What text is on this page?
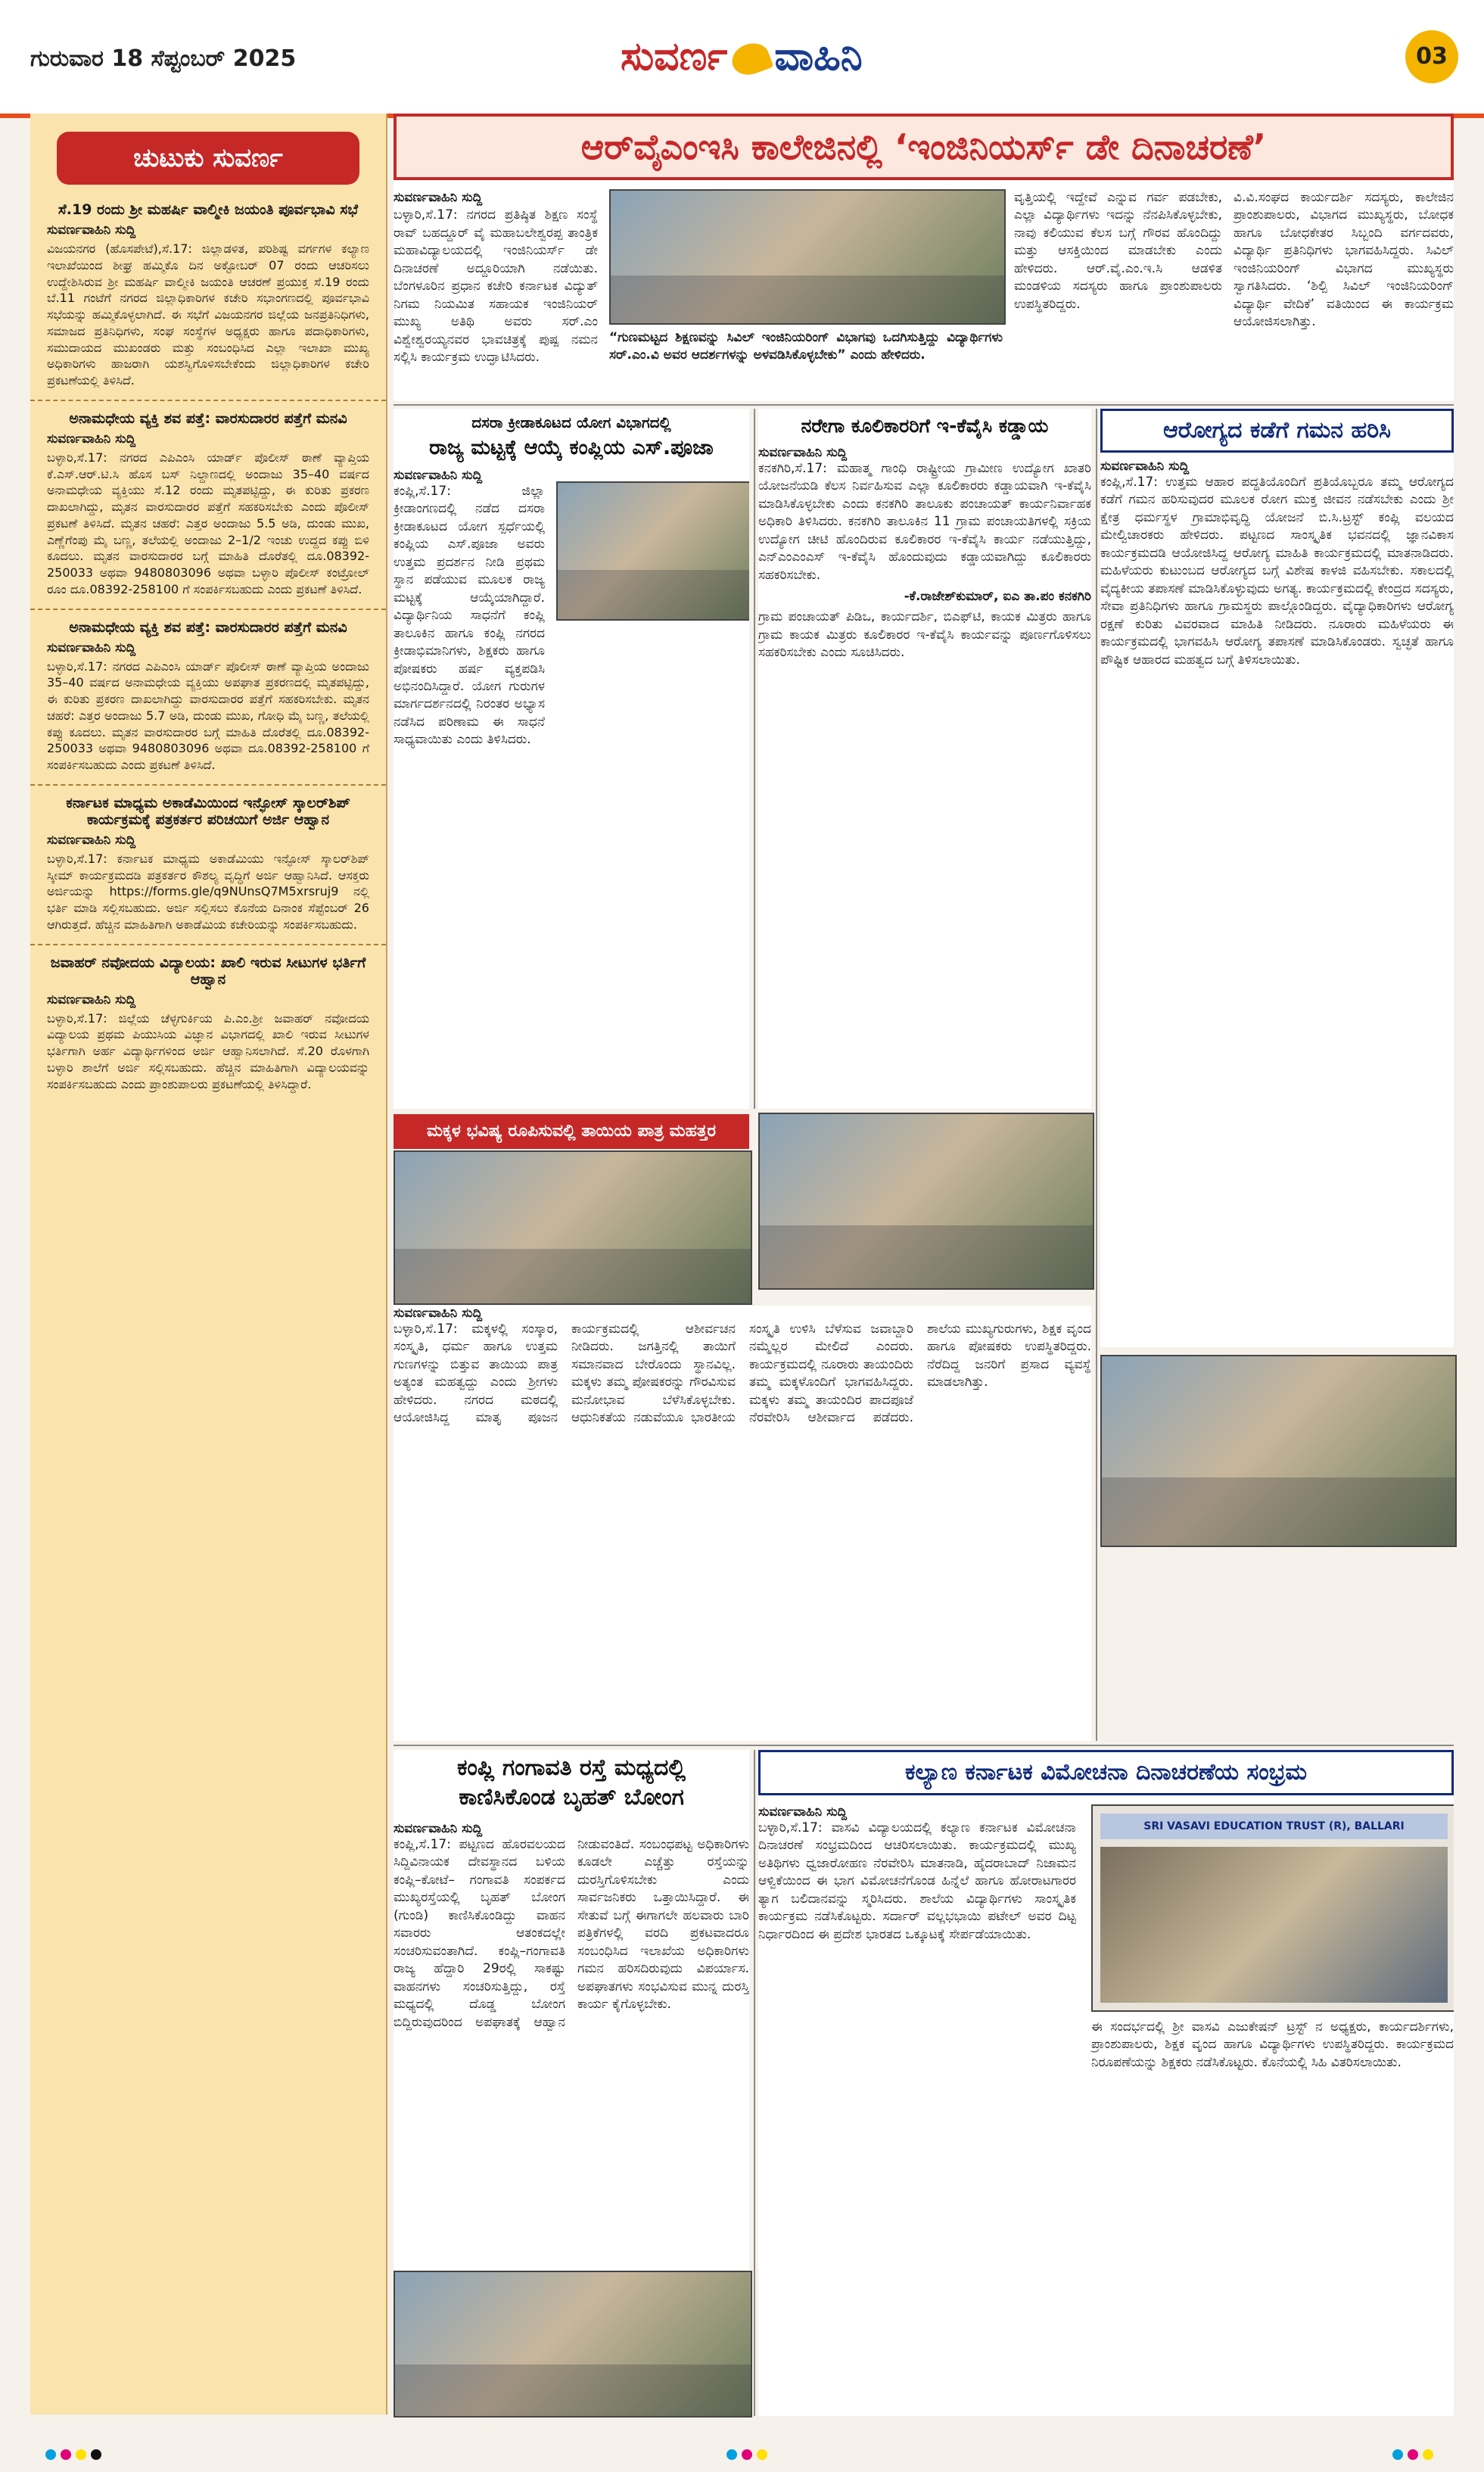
ಗುರುವಾರ 18 ಸೆಪ್ಟಂಬರ್ 2025	ಸುವರ್ಣ ವಾಹಿನಿ	03
ಚುಟುಕು ಸುವರ್ಣ
ಸೆ.19 ರಂದು ಶ್ರೀ ಮಹರ್ಷಿ ವಾಲ್ಮೀಕಿ ಜಯಂತಿ ಪೂರ್ವಭಾವಿ ಸಭೆ
ಸುವರ್ಣವಾಹಿನಿ ಸುದ್ದಿ
ವಿಜಯನಗರ (ಹೊಸಪೇಟೆ),ಸೆ.17: ಜಿಲ್ಲಾಡಳಿತ, ಪರಿಶಿಷ್ಟ ವರ್ಗಗಳ ಕಲ್ಯಾಣ ಇಲಾಖೆಯಿಂದ ಶೀಘ್ರ ಹಮ್ಮಿಕೊ ದಿನ ಅಕ್ಟೋಬರ್ 07 ರಂದು ಆಚರಿಸಲು ಉದ್ದೇಶಿಸಿರುವ ಶ್ರೀ ಮಹರ್ಷಿ ವಾಲ್ಮೀಕಿ ಜಯಂತಿ ಆಚರಣೆ ಪ್ರಯುಕ್ತ ಸೆ.19 ರಂದು ಬೆ.11 ಗಂಟೆಗೆ ನಗರದ ಜಿಲ್ಲಾಧಿಕಾರಿಗಳ ಕಚೇರಿ ಸಭಾಂಗಣದಲ್ಲಿ ಪೂರ್ವಭಾವಿ ಸಭೆಯನ್ನು ಹಮ್ಮಿಕೊಳ್ಳಲಾಗಿದೆ. ಈ ಸಭೆಗೆ ವಿಜಯನಗರ ಜಿಲ್ಲೆಯ ಜನಪ್ರತಿನಿಧಿಗಳು, ಸಮಾಜದ ಪ್ರತಿನಿಧಿಗಳು, ಸಂಘ ಸಂಸ್ಥೆಗಳ ಅಧ್ಯಕ್ಷರು ಹಾಗೂ ಪದಾಧಿಕಾರಿಗಳು, ಸಮುದಾಯದ ಮುಖಂಡರು ಮತ್ತು ಸಂಬಂಧಿಸಿದ ಎಲ್ಲಾ ಇಲಾಖಾ ಮುಖ್ಯ ಅಧಿಕಾರಿಗಳು ಹಾಜರಾಗಿ ಯಶಸ್ವಿಗೊಳಿಸಬೇಕೆಂದು ಜಿಲ್ಲಾಧಿಕಾರಿಗಳ ಕಚೇರಿ ಪ್ರಕಟಣೆಯಲ್ಲಿ ತಿಳಿಸಿದೆ.
ಅನಾಮಧೇಯ ವ್ಯಕ್ತಿ ಶವ ಪತ್ತೆ: ವಾರಸುದಾರರ ಪತ್ತೆಗೆ ಮನವಿ
ಸುವರ್ಣವಾಹಿನಿ ಸುದ್ದಿ
ಬಳ್ಳಾರಿ,ಸೆ.17: ನಗರದ ಎಪಿಎಂಸಿ ಯಾರ್ಡ್ ಪೊಲೀಸ್ ಠಾಣೆ ವ್ಯಾಪ್ತಿಯ ಕೆ.ಎಸ್.ಆರ್.ಟಿ.ಸಿ ಹೊಸ ಬಸ್ ನಿಲ್ದಾಣದಲ್ಲಿ ಅಂದಾಜು 35–40 ವರ್ಷದ ಅನಾಮಧೇಯ ವ್ಯಕ್ತಿಯು ಸೆ.12 ರಂದು ಮೃತಪಟ್ಟಿದ್ದು, ಈ ಕುರಿತು ಪ್ರಕರಣ ದಾಖಲಾಗಿದ್ದು, ಮೃತನ ವಾರಸುದಾರರ ಪತ್ತೆಗೆ ಸಹಕರಿಸಬೇಕು ಎಂದು ಪೊಲೀಸ್ ಪ್ರಕಟಣೆ ತಿಳಿಸಿದೆ. ಮೃತನ ಚಹರೆ: ಎತ್ತರ ಅಂದಾಜು 5.5 ಅಡಿ, ದುಂಡು ಮುಖ, ಎಣ್ಣೆಗೆಂಪು ಮೈ ಬಣ್ಣ, ತಲೆಯಲ್ಲಿ ಅಂದಾಜು 2–1/2 ಇಂಚು ಉದ್ದದ ಕಪ್ಪು ಬಿಳಿ ಕೂದಲು. ಮೃತನ ವಾರಸುದಾರರ ಬಗ್ಗೆ ಮಾಹಿತಿ ದೊರೆತಲ್ಲಿ ದೂ.08392-250033 ಅಥವಾ 9480803096 ಅಥವಾ ಬಳ್ಳಾರಿ ಪೊಲೀಸ್ ಕಂಟ್ರೋಲ್ ರೂಂ ದೂ.08392-258100 ಗೆ ಸಂಪರ್ಕಿಸಬಹುದು ಎಂದು ಪ್ರಕಟಣೆ ತಿಳಿಸಿದೆ.
ಅನಾಮಧೇಯ ವ್ಯಕ್ತಿ ಶವ ಪತ್ತೆ: ವಾರಸುದಾರರ ಪತ್ತೆಗೆ ಮನವಿ
ಸುವರ್ಣವಾಹಿನಿ ಸುದ್ದಿ
ಬಳ್ಳಾರಿ,ಸೆ.17: ನಗರದ ಎಪಿಎಂಸಿ ಯಾರ್ಡ್ ಪೊಲೀಸ್ ಠಾಣೆ ವ್ಯಾಪ್ತಿಯ ಅಂದಾಜು 35–40 ವರ್ಷದ ಅನಾಮಧೇಯ ವ್ಯಕ್ತಿಯು ಅಪಘಾತ ಪ್ರಕರಣದಲ್ಲಿ ಮೃತಪಟ್ಟಿದ್ದು, ಈ ಕುರಿತು ಪ್ರಕರಣ ದಾಖಲಾಗಿದ್ದು ವಾರಸುದಾರರ ಪತ್ತೆಗೆ ಸಹಕರಿಸಬೇಕು. ಮೃತನ ಚಹರೆ: ಎತ್ತರ ಅಂದಾಜು 5.7 ಅಡಿ, ದುಂಡು ಮುಖ, ಗೋಧಿ ಮೈ ಬಣ್ಣ, ತಲೆಯಲ್ಲಿ ಕಪ್ಪು ಕೂದಲು. ಮೃತನ ವಾರಸುದಾರರ ಬಗ್ಗೆ ಮಾಹಿತಿ ದೊರೆತಲ್ಲಿ ದೂ.08392-250033 ಅಥವಾ 9480803096 ಅಥವಾ ದೂ.08392-258100 ಗೆ ಸಂಪರ್ಕಿಸಬಹುದು ಎಂದು ಪ್ರಕಟಣೆ ತಿಳಿಸಿದೆ.
ಕರ್ನಾಟಕ ಮಾಧ್ಯಮ ಅಕಾಡೆಮಿಯಿಂದ ಇನ್ಫೋಸ್ ಸ್ಕಾಲರ್‌ಶಿಪ್ ಕಾರ್ಯಕ್ರಮಕ್ಕೆ ಪತ್ರಕರ್ತರ ಪರಿಚಯಿಗೆ ಅರ್ಜಿ ಆಹ್ವಾನ
ಸುವರ್ಣವಾಹಿನಿ ಸುದ್ದಿ
ಬಳ್ಳಾರಿ,ಸೆ.17: ಕರ್ನಾಟಕ ಮಾಧ್ಯಮ ಅಕಾಡೆಮಿಯು ಇನ್ಫೋಸ್ ಸ್ಕಾಲರ್‌ಶಿಪ್ ಸ್ಕೀಮ್ ಕಾರ್ಯಕ್ರಮದಡಿ ಪತ್ರಕರ್ತರ ಕೌಶಲ್ಯ ವೃದ್ಧಿಗೆ ಅರ್ಜಿ ಆಹ್ವಾನಿಸಿದೆ. ಆಸಕ್ತರು ಅರ್ಜಿಯನ್ನು https://forms.gle/q9NUnsQ7M5xrsruj9 ನಲ್ಲಿ ಭರ್ತಿ ಮಾಡಿ ಸಲ್ಲಿಸಬಹುದು. ಅರ್ಜಿ ಸಲ್ಲಿಸಲು ಕೊನೆಯ ದಿನಾಂಕ ಸೆಪ್ಟೆಂಬರ್ 26 ಆಗಿರುತ್ತದೆ. ಹೆಚ್ಚಿನ ಮಾಹಿತಿಗಾಗಿ ಅಕಾಡೆಮಿಯ ಕಚೇರಿಯನ್ನು ಸಂಪರ್ಕಿಸಬಹುದು.
ಜವಾಹರ್ ನವೋದಯ ವಿದ್ಯಾಲಯ: ಖಾಲಿ ಇರುವ ಸೀಟುಗಳ ಭರ್ತಿಗೆ ಆಹ್ವಾನ
ಸುವರ್ಣವಾಹಿನಿ ಸುದ್ದಿ
ಬಳ್ಳಾರಿ,ಸೆ.17: ಜಿಲ್ಲೆಯ ಚೆಳ್ಳಗುರ್ಕಿಯ ಪಿ.ಎಂ.ಶ್ರೀ ಜವಾಹರ್ ನವೋದಯ ವಿದ್ಯಾಲಯ ಪ್ರಥಮ ಪಿಯುಸಿಯ ವಿಜ್ಞಾನ ವಿಭಾಗದಲ್ಲಿ ಖಾಲಿ ಇರುವ ಸೀಟುಗಳ ಭರ್ತಿಗಾಗಿ ಅರ್ಹ ವಿದ್ಯಾರ್ಥಿಗಳಿಂದ ಅರ್ಜಿ ಆಹ್ವಾನಿಸಲಾಗಿದೆ. ಸೆ.20 ರೊಳಗಾಗಿ ಬಳ್ಳಾರಿ ಶಾಲೆಗೆ ಅರ್ಜಿ ಸಲ್ಲಿಸಬಹುದು. ಹೆಚ್ಚಿನ ಮಾಹಿತಿಗಾಗಿ ವಿದ್ಯಾಲಯವನ್ನು ಸಂಪರ್ಕಿಸಬಹುದು ಎಂದು ಪ್ರಾಂಶುಪಾಲರು ಪ್ರಕಟಣೆಯಲ್ಲಿ ತಿಳಿಸಿದ್ದಾರೆ.
ಆರ್‌ವೈಎಂಇಸಿ ಕಾಲೇಜಿನಲ್ಲಿ ‘ಇಂಜಿನಿಯರ್ಸ್ ಡೇ ದಿನಾಚರಣೆ’
ಸುವರ್ಣವಾಹಿನಿ ಸುದ್ದಿ
ಬಳ್ಳಾರಿ,ಸೆ.17: ನಗರದ ಪ್ರತಿಷ್ಠಿತ ಶಿಕ್ಷಣ ಸಂಸ್ಥೆ ರಾವ್ ಬಹದ್ದೂರ್ ವೈ ಮಹಾಬಲೇಶ್ವರಪ್ಪ ತಾಂತ್ರಿಕ ಮಹಾವಿದ್ಯಾಲಯದಲ್ಲಿ ಇಂಜಿನಿಯರ್ಸ್ ಡೇ ದಿನಾಚರಣೆ ಅದ್ದೂರಿಯಾಗಿ ನಡೆಯಿತು. ಬೆಂಗಳೂರಿನ ಪ್ರಧಾನ ಕಚೇರಿ ಕರ್ನಾಟಕ ವಿದ್ಯುತ್ ನಿಗಮ ನಿಯಮಿತ ಸಹಾಯಕ ಇಂಜಿನಿಯರ್ ಮುಖ್ಯ ಅತಿಥಿ ಅವರು ಸರ್.ಎಂ ವಿಶ್ವೇಶ್ವರಯ್ಯನವರ ಭಾವಚಿತ್ರಕ್ಕೆ ಪುಷ್ಪ ನಮನ ಸಲ್ಲಿಸಿ ಕಾರ್ಯಕ್ರಮ ಉದ್ಘಾಟಿಸಿದರು.
“ಗುಣಮಟ್ಟದ ಶಿಕ್ಷಣವನ್ನು ಸಿವಿಲ್ ಇಂಜಿನಿಯರಿಂಗ್ ವಿಭಾಗವು ಒದಗಿಸುತ್ತಿದ್ದು ವಿದ್ಯಾರ್ಥಿಗಳು ಸರ್.ಎಂ.ವಿ ಅವರ ಆದರ್ಶಗಳನ್ನು ಅಳವಡಿಸಿಕೊಳ್ಳಬೇಕು” ಎಂದು ಹೇಳಿದರು.
ವೃತ್ತಿಯಲ್ಲಿ ಇದ್ದೇವೆ ಎನ್ನುವ ಗರ್ವ ಪಡಬೇಕು, ಎಲ್ಲಾ ವಿದ್ಯಾರ್ಥಿಗಳು ಇದನ್ನು ನೆನಪಿಸಿಕೊಳ್ಳಬೇಕು, ನಾವು ಕಲಿಯುವ ಕೆಲಸ ಬಗ್ಗೆ ಗೌರವ ಹೊಂದಿದ್ದು ಮತ್ತು ಆಸಕ್ತಿಯಿಂದ ಮಾಡಬೇಕು ಎಂದು ಹೇಳಿದರು. ಆರ್.ವೈ.ಎಂ.ಇ.ಸಿ ಆಡಳಿತ ಮಂಡಳಿಯ ಸದಸ್ಯರು ಹಾಗೂ ಪ್ರಾಂಶುಪಾಲರು ಉಪಸ್ಥಿತರಿದ್ದರು.
ವಿ.ವಿ.ಸಂಘದ ಕಾರ್ಯದರ್ಶಿ ಸದಸ್ಯರು, ಕಾಲೇಜಿನ ಪ್ರಾಂಶುಪಾಲರು, ವಿಭಾಗದ ಮುಖ್ಯಸ್ಥರು, ಬೋಧಕ ಹಾಗೂ ಬೋಧಕೇತರ ಸಿಬ್ಬಂದಿ ವರ್ಗದವರು, ವಿದ್ಯಾರ್ಥಿ ಪ್ರತಿನಿಧಿಗಳು ಭಾಗವಹಿಸಿದ್ದರು. ಸಿವಿಲ್ ಇಂಜಿನಿಯರಿಂಗ್ ವಿಭಾಗದ ಮುಖ್ಯಸ್ಥರು ಸ್ವಾಗತಿಸಿದರು. ‘ಶಿಲ್ಪಿ ಸಿವಿಲ್ ಇಂಜಿನಿಯರಿಂಗ್ ವಿದ್ಯಾರ್ಥಿ ವೇದಿಕೆ’ ವತಿಯಿಂದ ಈ ಕಾರ್ಯಕ್ರಮ ಆಯೋಜಿಸಲಾಗಿತ್ತು.
ದಸರಾ ಕ್ರೀಡಾಕೂಟದ ಯೋಗ ವಿಭಾಗದಲ್ಲಿ
ರಾಜ್ಯ ಮಟ್ಟಕ್ಕೆ ಆಯ್ಕೆ ಕಂಪ್ಲಿಯ ಎಸ್.ಪೂಜಾ
ಸುವರ್ಣವಾಹಿನಿ ಸುದ್ದಿ
ಕಂಪ್ಲಿ,ಸೆ.17: ಜಿಲ್ಲಾ ಕ್ರೀಡಾಂಗಣದಲ್ಲಿ ನಡೆದ ದಸರಾ ಕ್ರೀಡಾಕೂಟದ ಯೋಗ ಸ್ಪರ್ಧೆಯಲ್ಲಿ ಕಂಪ್ಲಿಯ ಎಸ್.ಪೂಜಾ ಅವರು ಉತ್ತಮ ಪ್ರದರ್ಶನ ನೀಡಿ ಪ್ರಥಮ ಸ್ಥಾನ ಪಡೆಯುವ ಮೂಲಕ ರಾಜ್ಯ ಮಟ್ಟಕ್ಕೆ ಆಯ್ಕೆಯಾಗಿದ್ದಾರೆ. ವಿದ್ಯಾರ್ಥಿನಿಯ ಸಾಧನೆಗೆ ಕಂಪ್ಲಿ ತಾಲೂಕಿನ ಹಾಗೂ ಕಂಪ್ಲಿ ನಗರದ ಕ್ರೀಡಾಭಿಮಾನಿಗಳು, ಶಿಕ್ಷಕರು ಹಾಗೂ ಪೋಷಕರು ಹರ್ಷ ವ್ಯಕ್ತಪಡಿಸಿ ಅಭಿನಂದಿಸಿದ್ದಾರೆ. ಯೋಗ ಗುರುಗಳ ಮಾರ್ಗದರ್ಶನದಲ್ಲಿ ನಿರಂತರ ಅಭ್ಯಾಸ ನಡೆಸಿದ ಪರಿಣಾಮ ಈ ಸಾಧನೆ ಸಾಧ್ಯವಾಯಿತು ಎಂದು ತಿಳಿಸಿದರು.
ನರೇಗಾ ಕೂಲಿಕಾರರಿಗೆ ಇ-ಕೆವೈಸಿ ಕಡ್ಡಾಯ
ಸುವರ್ಣವಾಹಿನಿ ಸುದ್ದಿ
ಕನಕಗಿರಿ,ಸೆ.17: ಮಹಾತ್ಮ ಗಾಂಧಿ ರಾಷ್ಟ್ರೀಯ ಗ್ರಾಮೀಣ ಉದ್ಯೋಗ ಖಾತರಿ ಯೋಜನೆಯಡಿ ಕೆಲಸ ನಿರ್ವಹಿಸುವ ಎಲ್ಲಾ ಕೂಲಿಕಾರರು ಕಡ್ಡಾಯವಾಗಿ ಇ-ಕೆವೈಸಿ ಮಾಡಿಸಿಕೊಳ್ಳಬೇಕು ಎಂದು ಕನಕಗಿರಿ ತಾಲೂಕು ಪಂಚಾಯತ್ ಕಾರ್ಯನಿರ್ವಾಹಕ ಅಧಿಕಾರಿ ತಿಳಿಸಿದರು. ಕನಕಗಿರಿ ತಾಲೂಕಿನ 11 ಗ್ರಾಮ ಪಂಚಾಯತಿಗಳಲ್ಲಿ ಸಕ್ರಿಯ ಉದ್ಯೋಗ ಚೀಟಿ ಹೊಂದಿರುವ ಕೂಲಿಕಾರರ ಇ-ಕೆವೈಸಿ ಕಾರ್ಯ ನಡೆಯುತ್ತಿದ್ದು, ಎನ್‌ಎಂಎಂಎಸ್ ಇ-ಕೆವೈಸಿ ಹೊಂದುವುದು ಕಡ್ಡಾಯವಾಗಿದ್ದು ಕೂಲಿಕಾರರು ಸಹಕರಿಸಬೇಕು.
-ಕೆ.ರಾಜೇಶ್‌ಕುಮಾರ್, ಐಎ ತಾ.ಪಂ ಕನಕಗಿರಿ
ಗ್ರಾಮ ಪಂಚಾಯತ್ ಪಿಡಿಒ, ಕಾರ್ಯದರ್ಶಿ, ಬಿಎಫ್‌ಟಿ, ಕಾಯಕ ಮಿತ್ರರು ಹಾಗೂ ಗ್ರಾಮ ಕಾಯಕ ಮಿತ್ರರು ಕೂಲಿಕಾರರ ಇ-ಕೆವೈಸಿ ಕಾರ್ಯವನ್ನು ಪೂರ್ಣಗೊಳಿಸಲು ಸಹಕರಿಸಬೇಕು ಎಂದು ಸೂಚಿಸಿದರು.
ಆರೋಗ್ಯದ ಕಡೆಗೆ ಗಮನ ಹರಿಸಿ
ಸುವರ್ಣವಾಹಿನಿ ಸುದ್ದಿ
ಕಂಪ್ಲಿ,ಸೆ.17: ಉತ್ತಮ ಆಹಾರ ಪದ್ಧತಿಯೊಂದಿಗೆ ಪ್ರತಿಯೊಬ್ಬರೂ ತಮ್ಮ ಆರೋಗ್ಯದ ಕಡೆಗೆ ಗಮನ ಹರಿಸುವುದರ ಮೂಲಕ ರೋಗ ಮುಕ್ತ ಜೀವನ ನಡೆಸಬೇಕು ಎಂದು ಶ್ರೀ ಕ್ಷೇತ್ರ ಧರ್ಮಸ್ಥಳ ಗ್ರಾಮಾಭಿವೃದ್ಧಿ ಯೋಜನೆ ಬಿ.ಸಿ.ಟ್ರಸ್ಟ್ ಕಂಪ್ಲಿ ವಲಯದ ಮೇಲ್ವಿಚಾರಕರು ಹೇಳಿದರು. ಪಟ್ಟಣದ ಸಾಂಸ್ಕೃತಿಕ ಭವನದಲ್ಲಿ ಜ್ಞಾನವಿಕಾಸ ಕಾರ್ಯಕ್ರಮದಡಿ ಆಯೋಜಿಸಿದ್ದ ಆರೋಗ್ಯ ಮಾಹಿತಿ ಕಾರ್ಯಕ್ರಮದಲ್ಲಿ ಮಾತನಾಡಿದರು. ಮಹಿಳೆಯರು ಕುಟುಂಬದ ಆರೋಗ್ಯದ ಬಗ್ಗೆ ವಿಶೇಷ ಕಾಳಜಿ ವಹಿಸಬೇಕು. ಸಕಾಲದಲ್ಲಿ ವೈದ್ಯಕೀಯ ತಪಾಸಣೆ ಮಾಡಿಸಿಕೊಳ್ಳುವುದು ಅಗತ್ಯ. ಕಾರ್ಯಕ್ರಮದಲ್ಲಿ ಕೇಂದ್ರದ ಸದಸ್ಯರು, ಸೇವಾ ಪ್ರತಿನಿಧಿಗಳು ಹಾಗೂ ಗ್ರಾಮಸ್ಥರು ಪಾಲ್ಗೊಂಡಿದ್ದರು. ವೈದ್ಯಾಧಿಕಾರಿಗಳು ಆರೋಗ್ಯ ರಕ್ಷಣೆ ಕುರಿತು ವಿವರವಾದ ಮಾಹಿತಿ ನೀಡಿದರು. ನೂರಾರು ಮಹಿಳೆಯರು ಈ ಕಾರ್ಯಕ್ರಮದಲ್ಲಿ ಭಾಗವಹಿಸಿ ಆರೋಗ್ಯ ತಪಾಸಣೆ ಮಾಡಿಸಿಕೊಂಡರು. ಸ್ವಚ್ಛತೆ ಹಾಗೂ ಪೌಷ್ಟಿಕ ಆಹಾರದ ಮಹತ್ವದ ಬಗ್ಗೆ ತಿಳಿಸಲಾಯಿತು.
ಮಕ್ಕಳ ಭವಿಷ್ಯ ರೂಪಿಸುವಲ್ಲಿ ತಾಯಿಯ ಪಾತ್ರ ಮಹತ್ತರ
ಸುವರ್ಣವಾಹಿನಿ ಸುದ್ದಿ
ಬಳ್ಳಾರಿ,ಸೆ.17: ಮಕ್ಕಳಲ್ಲಿ ಸಂಸ್ಕಾರ, ಸಂಸ್ಕೃತಿ, ಧರ್ಮ ಹಾಗೂ ಉತ್ತಮ ಗುಣಗಳನ್ನು ಬಿತ್ತುವ ತಾಯಿಯ ಪಾತ್ರ ಅತ್ಯಂತ ಮಹತ್ವದ್ದು ಎಂದು ಶ್ರೀಗಳು ಹೇಳಿದರು. ನಗರದ ಮಠದಲ್ಲಿ ಆಯೋಜಿಸಿದ್ದ ಮಾತೃ ಪೂಜನ ಕಾರ್ಯಕ್ರಮದಲ್ಲಿ ಆಶೀರ್ವಚನ ನೀಡಿದರು. ಜಗತ್ತಿನಲ್ಲಿ ತಾಯಿಗೆ ಸಮಾನವಾದ ಬೇರೊಂದು ಸ್ಥಾನವಿಲ್ಲ. ಮಕ್ಕಳು ತಮ್ಮ ಪೋಷಕರನ್ನು ಗೌರವಿಸುವ ಮನೋಭಾವ ಬೆಳೆಸಿಕೊಳ್ಳಬೇಕು. ಆಧುನಿಕತೆಯ ನಡುವೆಯೂ ಭಾರತೀಯ ಸಂಸ್ಕೃತಿ ಉಳಿಸಿ ಬೆಳೆಸುವ ಜವಾಬ್ದಾರಿ ನಮ್ಮೆಲ್ಲರ ಮೇಲಿದೆ ಎಂದರು. ಕಾರ್ಯಕ್ರಮದಲ್ಲಿ ನೂರಾರು ತಾಯಂದಿರು ತಮ್ಮ ಮಕ್ಕಳೊಂದಿಗೆ ಭಾಗವಹಿಸಿದ್ದರು. ಮಕ್ಕಳು ತಮ್ಮ ತಾಯಂದಿರ ಪಾದಪೂಜೆ ನೆರವೇರಿಸಿ ಆಶೀರ್ವಾದ ಪಡೆದರು. ಶಾಲೆಯ ಮುಖ್ಯಗುರುಗಳು, ಶಿಕ್ಷಕ ವೃಂದ ಹಾಗೂ ಪೋಷಕರು ಉಪಸ್ಥಿತರಿದ್ದರು. ನೆರೆದಿದ್ದ ಜನರಿಗೆ ಪ್ರಸಾದ ವ್ಯವಸ್ಥೆ ಮಾಡಲಾಗಿತ್ತು.
ಕಂಪ್ಲಿ ಗಂಗಾವತಿ ರಸ್ತೆ ಮಧ್ಯದಲ್ಲಿ
ಕಾಣಿಸಿಕೊಂಡ ಬೃಹತ್ ಬೋಂಗ
ಸುವರ್ಣವಾಹಿನಿ ಸುದ್ದಿ
ಕಂಪ್ಲಿ,ಸೆ.17: ಪಟ್ಟಣದ ಹೊರವಲಯದ ಸಿದ್ದಿವಿನಾಯಕ ದೇವಸ್ಥಾನದ ಬಳಿಯ ಕಂಪ್ಲಿ–ಕೋಟೆ– ಗಂಗಾವತಿ ಸಂಪರ್ಕದ ಮುಖ್ಯರಸ್ತೆಯಲ್ಲಿ ಬೃಹತ್ ಬೋಂಗ (ಗುಂಡಿ) ಕಾಣಿಸಿಕೊಂಡಿದ್ದು ವಾಹನ ಸವಾರರು ಆತಂಕದಲ್ಲೇ ಸಂಚರಿಸುವಂತಾಗಿದೆ. ಕಂಪ್ಲಿ–ಗಂಗಾವತಿ ರಾಜ್ಯ ಹೆದ್ದಾರಿ 29ರಲ್ಲಿ ಸಾಕಷ್ಟು ವಾಹನಗಳು ಸಂಚರಿಸುತ್ತಿದ್ದು, ರಸ್ತೆ ಮಧ್ಯದಲ್ಲಿ ದೊಡ್ಡ ಬೋಂಗ ಬಿದ್ದಿರುವುದರಿಂದ ಅಪಘಾತಕ್ಕೆ ಆಹ್ವಾನ ನೀಡುವಂತಿದೆ. ಸಂಬಂಧಪಟ್ಟ ಅಧಿಕಾರಿಗಳು ಕೂಡಲೇ ಎಚ್ಚೆತ್ತು ರಸ್ತೆಯನ್ನು ದುರಸ್ತಿಗೊಳಿಸಬೇಕು ಎಂದು ಸಾರ್ವಜನಿಕರು ಒತ್ತಾಯಿಸಿದ್ದಾರೆ. ಈ ಸೇತುವೆ ಬಗ್ಗೆ ಈಗಾಗಲೇ ಹಲವಾರು ಬಾರಿ ಪತ್ರಿಕೆಗಳಲ್ಲಿ ವರದಿ ಪ್ರಕಟವಾದರೂ ಸಂಬಂಧಿಸಿದ ಇಲಾಖೆಯ ಅಧಿಕಾರಿಗಳು ಗಮನ ಹರಿಸದಿರುವುದು ವಿಪರ್ಯಾಸ. ಅಪಘಾತಗಳು ಸಂಭವಿಸುವ ಮುನ್ನ ದುರಸ್ತಿ ಕಾರ್ಯ ಕೈಗೊಳ್ಳಬೇಕು.
ಕಲ್ಯಾಣ ಕರ್ನಾಟಕ ವಿಮೋಚನಾ ದಿನಾಚರಣೆಯ ಸಂಭ್ರಮ
ಸುವರ್ಣವಾಹಿನಿ ಸುದ್ದಿ
ಬಳ್ಳಾರಿ,ಸೆ.17: ವಾಸವಿ ವಿದ್ಯಾಲಯದಲ್ಲಿ ಕಲ್ಯಾಣ ಕರ್ನಾಟಕ ವಿಮೋಚನಾ ದಿನಾಚರಣೆ ಸಂಭ್ರಮದಿಂದ ಆಚರಿಸಲಾಯಿತು. ಕಾರ್ಯಕ್ರಮದಲ್ಲಿ ಮುಖ್ಯ ಅತಿಥಿಗಳು ಧ್ವಜಾರೋಹಣ ನೆರವೇರಿಸಿ ಮಾತನಾಡಿ, ಹೈದರಾಬಾದ್ ನಿಜಾಮನ ಆಳ್ವಿಕೆಯಿಂದ ಈ ಭಾಗ ವಿಮೋಚನೆಗೊಂಡ ಹಿನ್ನೆಲೆ ಹಾಗೂ ಹೋರಾಟಗಾರರ ತ್ಯಾಗ ಬಲಿದಾನವನ್ನು ಸ್ಮರಿಸಿದರು. ಶಾಲೆಯ ವಿದ್ಯಾರ್ಥಿಗಳು ಸಾಂಸ್ಕೃತಿಕ ಕಾರ್ಯಕ್ರಮ ನಡೆಸಿಕೊಟ್ಟರು. ಸರ್ದಾರ್ ವಲ್ಲಭಭಾಯಿ ಪಟೇಲ್ ಅವರ ದಿಟ್ಟ ನಿರ್ಧಾರದಿಂದ ಈ ಪ್ರದೇಶ ಭಾರತದ ಒಕ್ಕೂಟಕ್ಕೆ ಸೇರ್ಪಡೆಯಾಯಿತು.
SRI VASAVI EDUCATION TRUST (R), BALLARI
ಈ ಸಂದರ್ಭದಲ್ಲಿ ಶ್ರೀ ವಾಸವಿ ಎಜುಕೇಷನ್ ಟ್ರಸ್ಟ್ ನ ಅಧ್ಯಕ್ಷರು, ಕಾರ್ಯದರ್ಶಿಗಳು, ಪ್ರಾಂಶುಪಾಲರು, ಶಿಕ್ಷಕ ವೃಂದ ಹಾಗೂ ವಿದ್ಯಾರ್ಥಿಗಳು ಉಪಸ್ಥಿತರಿದ್ದರು. ಕಾರ್ಯಕ್ರಮದ ನಿರೂಪಣೆಯನ್ನು ಶಿಕ್ಷಕರು ನಡೆಸಿಕೊಟ್ಟರು. ಕೊನೆಯಲ್ಲಿ ಸಿಹಿ ವಿತರಿಸಲಾಯಿತು.
